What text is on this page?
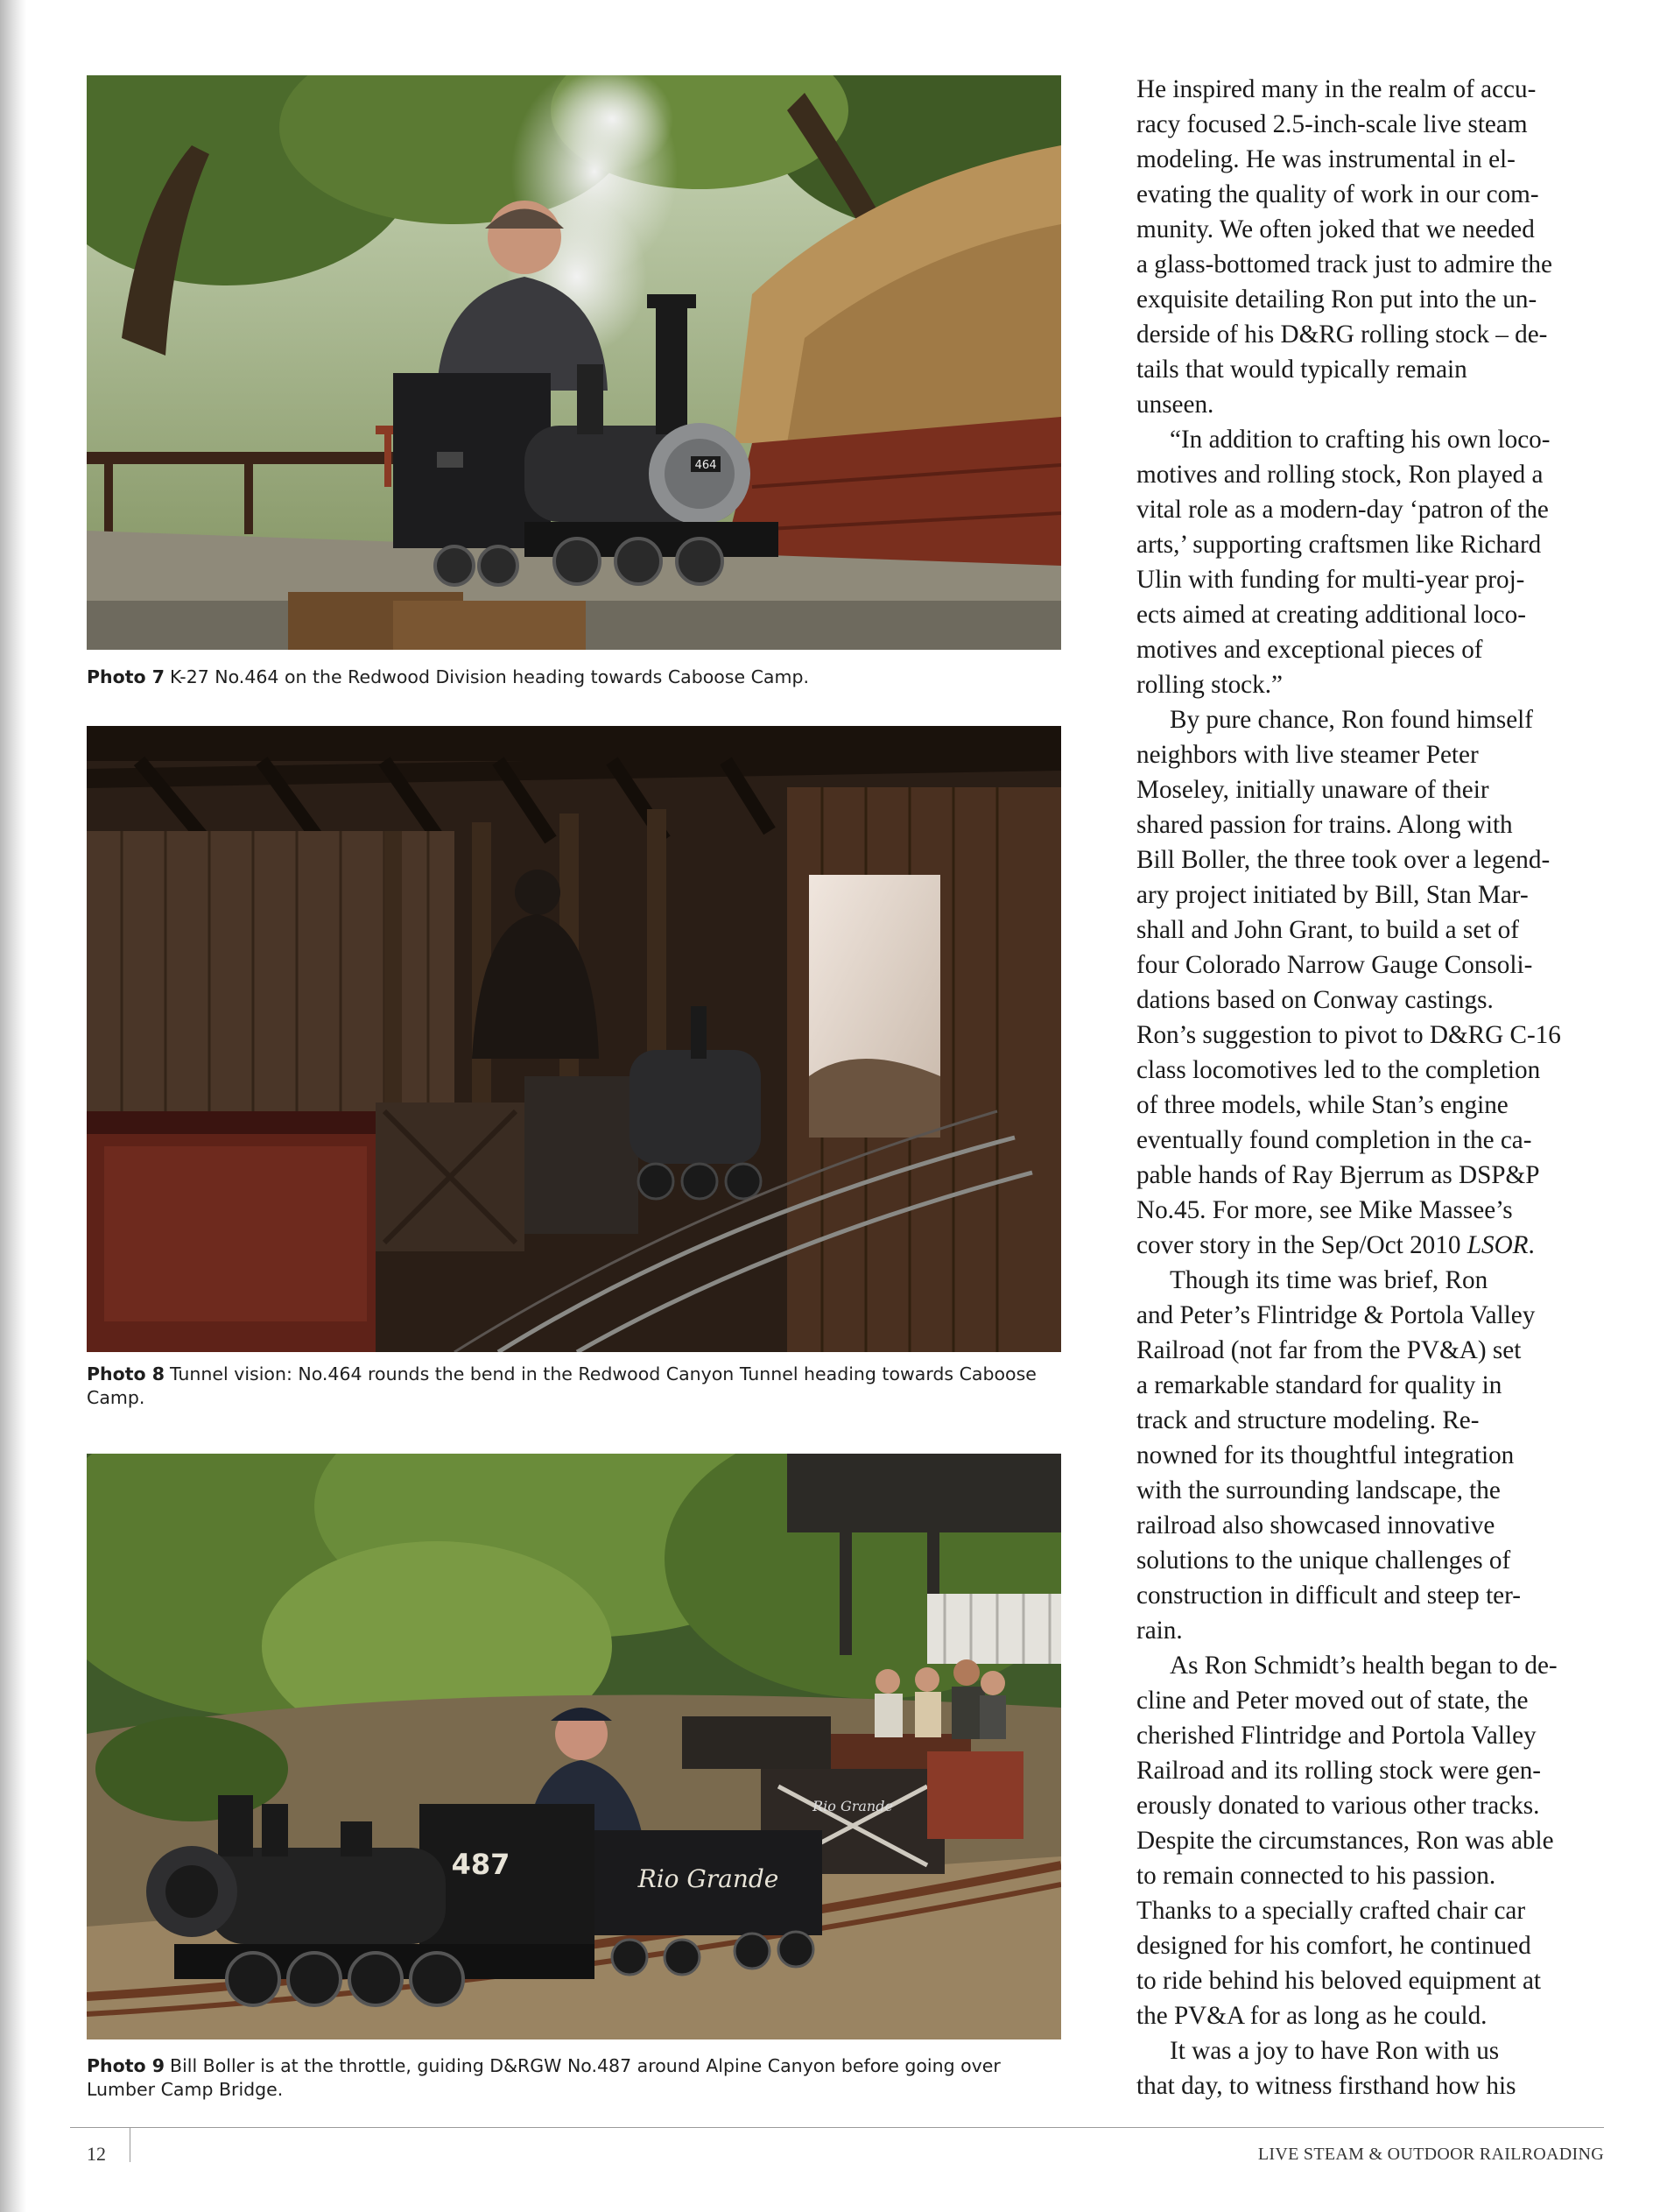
464
Photo 7 K-27 No.464 on the Redwood Division heading towards Caboose Camp.
Photo 8 Tunnel vision: No.464 rounds the bend in the Redwood Canyon Tunnel heading towards Caboose Camp.
Rio Grande
Rio Grande
487
Photo 9 Bill Boller is at the throttle, guiding D&RGW No.487 around Alpine Canyon before going over Lumber Camp Bridge.
He inspired many in the realm of accu-
racy focused 2.5-inch-scale live steam
modeling. He was instrumental in el-
evating the quality of work in our com-
munity. We often joked that we needed
a glass-bottomed track just to admire the
exquisite detailing Ron put into the un-
derside of his D&RG rolling stock – de-
tails that would typically remain
unseen.
“In addition to crafting his own loco-
motives and rolling stock, Ron played a
vital role as a modern-day ‘patron of the
arts,’ supporting craftsmen like Richard
Ulin with funding for multi-year proj-
ects aimed at creating additional loco-
motives and exceptional pieces of
rolling stock.”
By pure chance, Ron found himself
neighbors with live steamer Peter
Moseley, initially unaware of their
shared passion for trains. Along with
Bill Boller, the three took over a legend-
ary project initiated by Bill, Stan Mar-
shall and John Grant, to build a set of
four Colorado Narrow Gauge Consoli-
dations based on Conway castings.
Ron’s suggestion to pivot to D&RG C-16
class locomotives led to the completion
of three models, while Stan’s engine
eventually found completion in the ca-
pable hands of Ray Bjerrum as DSP&P
No.45. For more, see Mike Massee’s
cover story in the Sep/Oct 2010 LSOR.
Though its time was brief, Ron
and Peter’s Flintridge & Portola Valley
Railroad (not far from the PV&A) set
a remarkable standard for quality in
track and structure modeling. Re-
nowned for its thoughtful integration
with the surrounding landscape, the
railroad also showcased innovative
solutions to the unique challenges of
construction in difficult and steep ter-
rain.
As Ron Schmidt’s health began to de-
cline and Peter moved out of state, the
cherished Flintridge and Portola Valley
Railroad and its rolling stock were gen-
erously donated to various other tracks.
Despite the circumstances, Ron was able
to remain connected to his passion.
Thanks to a specially crafted chair car
designed for his comfort, he continued
to ride behind his beloved equipment at
the PV&A for as long as he could.
It was a joy to have Ron with us
that day, to witness firsthand how his
12	LIVE STEAM & OUTDOOR RAILROADING
